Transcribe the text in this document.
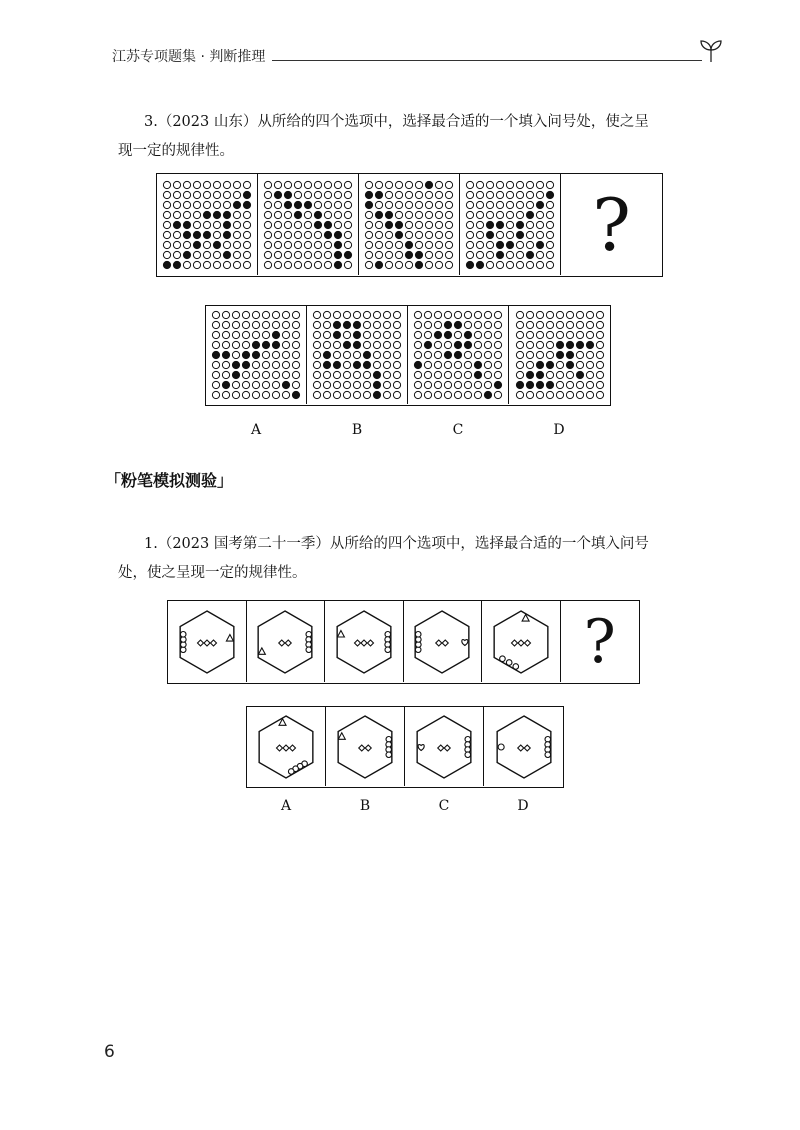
江苏专项题集 · 判断推理

3.（2023 山东）从所给的四个选项中，选择最合适的一个填入问号处，使之呈

现一定的规律性。

?
A	B	C	D
「粉笔模拟测验」

1.（2023 国考第二十一季）从所给的四个选项中，选择最合适的一个填入问号

处，使之呈现一定的规律性。

?
A	B	C	D
6
